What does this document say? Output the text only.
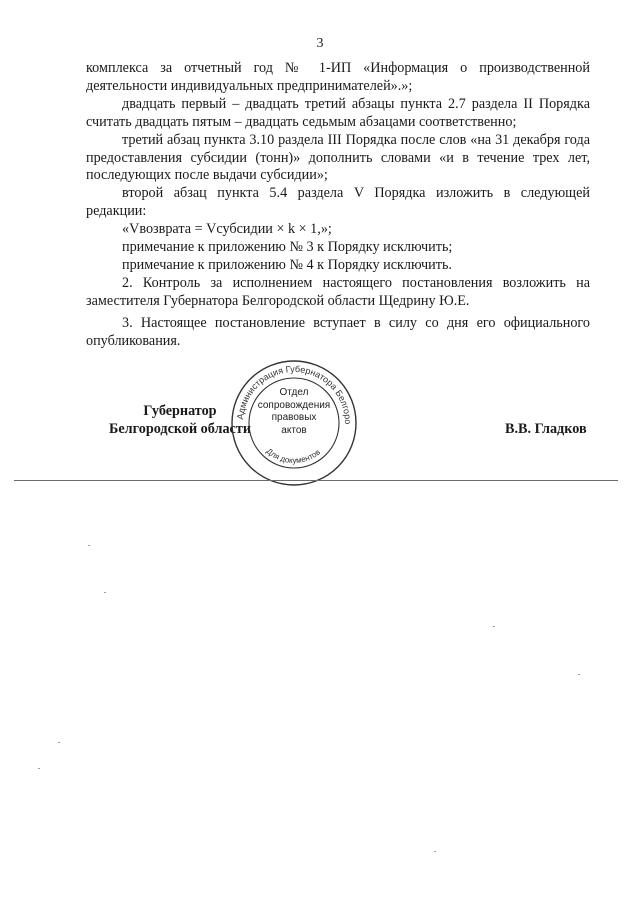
3

комплекса за отчетный год № 1-ИП «Информация о производственной деятельности индивидуальных предпринимателей».»;

двадцать первый – двадцать третий абзацы пункта 2.7 раздела II Порядка считать двадцать пятым – двадцать седьмым абзацами соответственно;

третий абзац пункта 3.10 раздела III Порядка после слов «на 31 декабря года предоставления субсидии (тонн)» дополнить словами «и в течение трех лет, последующих после выдачи субсидии»;

второй абзац пункта 5.4 раздела V Порядка изложить в следующей редакции:

«Vвозврата = Vсубсидии × k × 1,»;

примечание к приложению № 3 к Порядку исключить;

примечание к приложению № 4 к Порядку исключить.

2. Контроль за исполнением настоящего постановления возложить на заместителя Губернатора Белгородской области Щедрину Ю.Е.

3. Настоящее постановление вступает в силу со дня его официального опубликования.

Губернатор
Белгородской области
Администрация Губернатора Белгоро
Для документов
Отдел
сопровождения
правовых
актов	В.В. Гладков
